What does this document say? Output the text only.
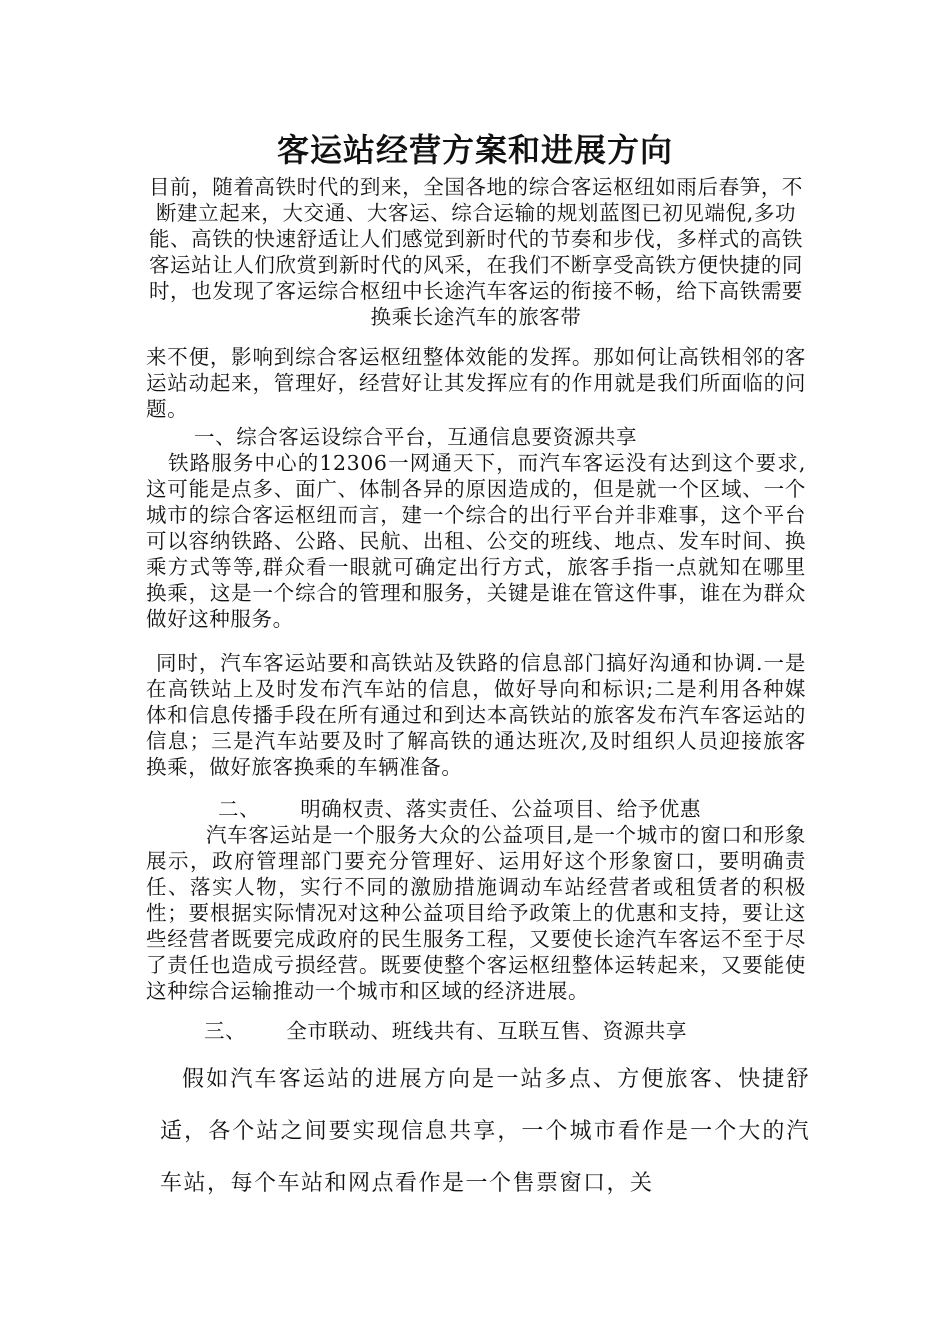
客运站经营方案和进展方向
目前，随着高铁时代的到来，全国各地的综合客运枢纽如雨后春笋，不断建立起来，大交通、大客运、综合运输的规划蓝图已初见端倪,多功能、高铁的快速舒适让人们感觉到新时代的节奏和步伐，多样式的高铁客运站让人们欣赏到新时代的风采，在我们不断享受高铁方便快捷的同时，也发现了客运综合枢纽中长途汽车客运的衔接不畅，给下高铁需要换乘长途汽车的旅客带
来不便，影响到综合客运枢纽整体效能的发挥。那如何让高铁相邻的客运站动起来，管理好，经营好让其发挥应有的作用就是我们所面临的问题。
一、综合客运设综合平台，互通信息要资源共享
铁路服务中心的12306一网通天下，而汽车客运没有达到这个要求,这可能是点多、面广、体制各异的原因造成的，但是就一个区域、一个城市的综合客运枢纽而言，建一个综合的出行平台并非难事，这个平台可以容纳铁路、公路、民航、出租、公交的班线、地点、发车时间、换乘方式等等,群众看一眼就可确定出行方式，旅客手指一点就知在哪里换乘，这是一个综合的管理和服务，关键是谁在管这件事，谁在为群众做好这种服务。
同时，汽车客运站要和高铁站及铁路的信息部门搞好沟通和协调.一是在高铁站上及时发布汽车站的信息，做好导向和标识;二是利用各种媒体和信息传播手段在所有通过和到达本高铁站的旅客发布汽车客运站的信息；三是汽车站要及时了解高铁的通达班次,及时组织人员迎接旅客换乘，做好旅客换乘的车辆准备。
二、 明确权责、落实责任、公益项目、给予优惠
汽车客运站是一个服务大众的公益项目,是一个城市的窗口和形象展示，政府管理部门要充分管理好、运用好这个形象窗口，要明确责任、落实人物，实行不同的激励措施调动车站经营者或租赁者的积极性；要根据实际情况对这种公益项目给予政策上的优惠和支持，要让这些经营者既要完成政府的民生服务工程，又要使长途汽车客运不至于尽了责任也造成亏损经营。既要使整个客运枢纽整体运转起来，又要能使这种综合运输推动一个城市和区域的经济进展。
三、 全市联动、班线共有、互联互售、资源共享
假如汽车客运站的进展方向是一站多点、方便旅客、快捷舒适，各个站之间要实现信息共享，一个城市看作是一个大的汽车站，每个车站和网点看作是一个售票窗口，关
